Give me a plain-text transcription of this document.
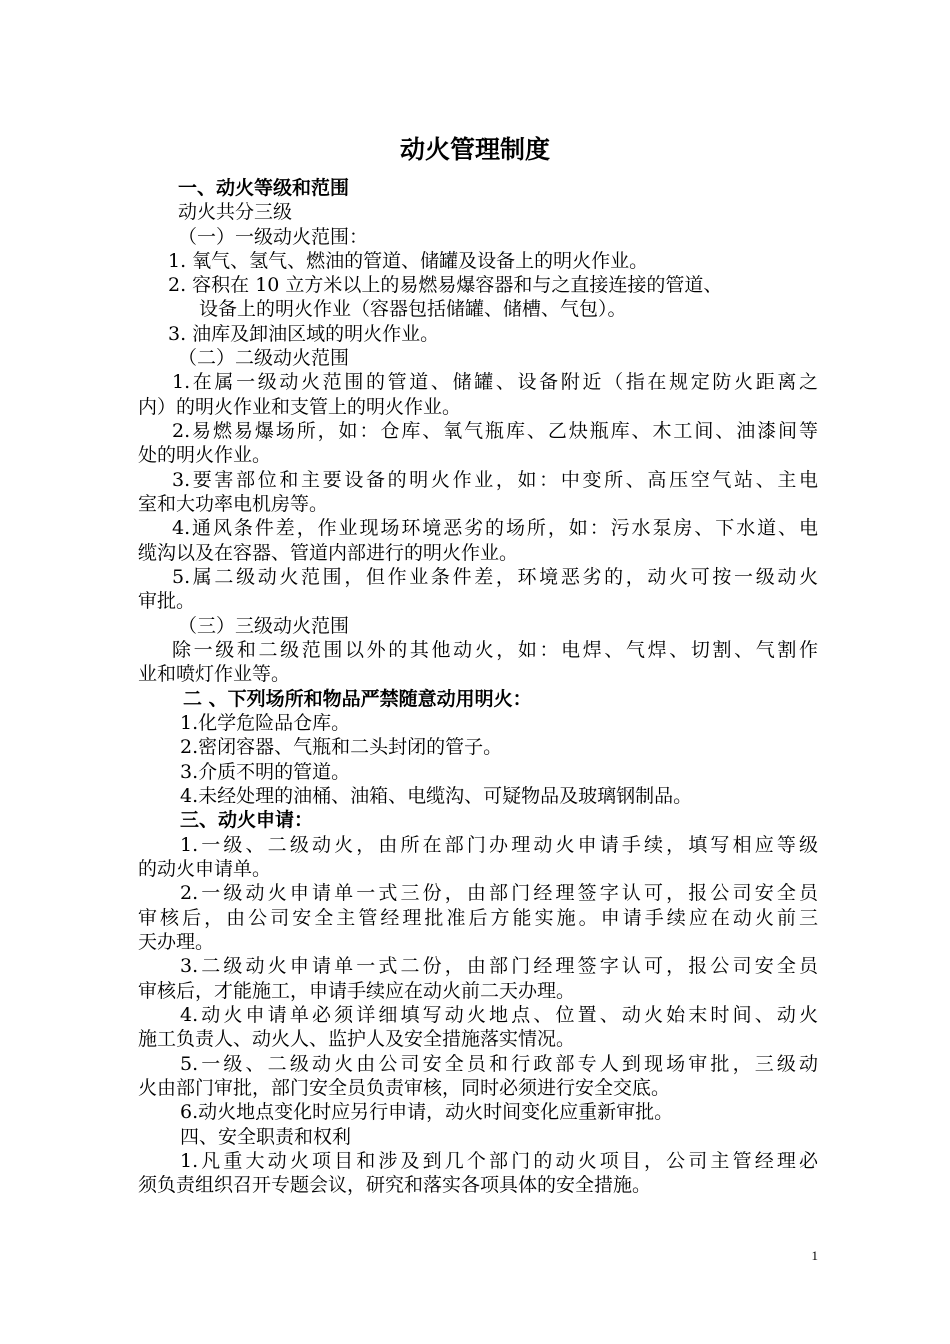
动火管理制度
一、动火等级和范围
动火共分三级
（一）一级动火范围：
1. 氧气、氢气、燃油的管道、储罐及设备上的明火作业。
2. 容积在 10 立方米以上的易燃易爆容器和与之直接连接的管道、
设备上的明火作业（容器包括储罐、储槽、气包）。
3. 油库及卸油区域的明火作业。
（二）二级动火范围
1.在属一级动火范围的管道、储罐、设备附近（指在规定防火距离之
内）的明火作业和支管上的明火作业。
2.易燃易爆场所，如：仓库、氧气瓶库、乙炔瓶库、木工间、油漆间等
处的明火作业。
3.要害部位和主要设备的明火作业，如：中变所、高压空气站、主电
室和大功率电机房等。
4.通风条件差，作业现场环境恶劣的场所，如：污水泵房、下水道、电
缆沟以及在容器、管道内部进行的明火作业。
5.属二级动火范围，但作业条件差，环境恶劣的，动火可按一级动火
审批。
（三）三级动火范围
除一级和二级范围以外的其他动火，如：电焊、气焊、切割、气割作
业和喷灯作业等。
二 、下列场所和物品严禁随意动用明火：
1.化学危险品仓库。
2.密闭容器、气瓶和二头封闭的管子。
3.介质不明的管道。
4.未经处理的油桶、油箱、电缆沟、可疑物品及玻璃钢制品。
三、动火申请：
1.一级、二级动火，由所在部门办理动火申请手续，填写相应等级
的动火申请单。
2.一级动火申请单一式三份，由部门经理签字认可，报公司安全员
审核后，由公司安全主管经理批准后方能实施。申请手续应在动火前三
天办理。
3.二级动火申请单一式二份，由部门经理签字认可，报公司安全员
审核后，才能施工，申请手续应在动火前二天办理。
4.动火申请单必须详细填写动火地点、位置、动火始末时间、动火
施工负责人、动火人、监护人及安全措施落实情况。
5.一级、二级动火由公司安全员和行政部专人到现场审批，三级动
火由部门审批，部门安全员负责审核，同时必须进行安全交底。
6.动火地点变化时应另行申请，动火时间变化应重新审批。
四、安全职责和权利
1.凡重大动火项目和涉及到几个部门的动火项目，公司主管经理必
须负责组织召开专题会议，研究和落实各项具体的安全措施。
1
